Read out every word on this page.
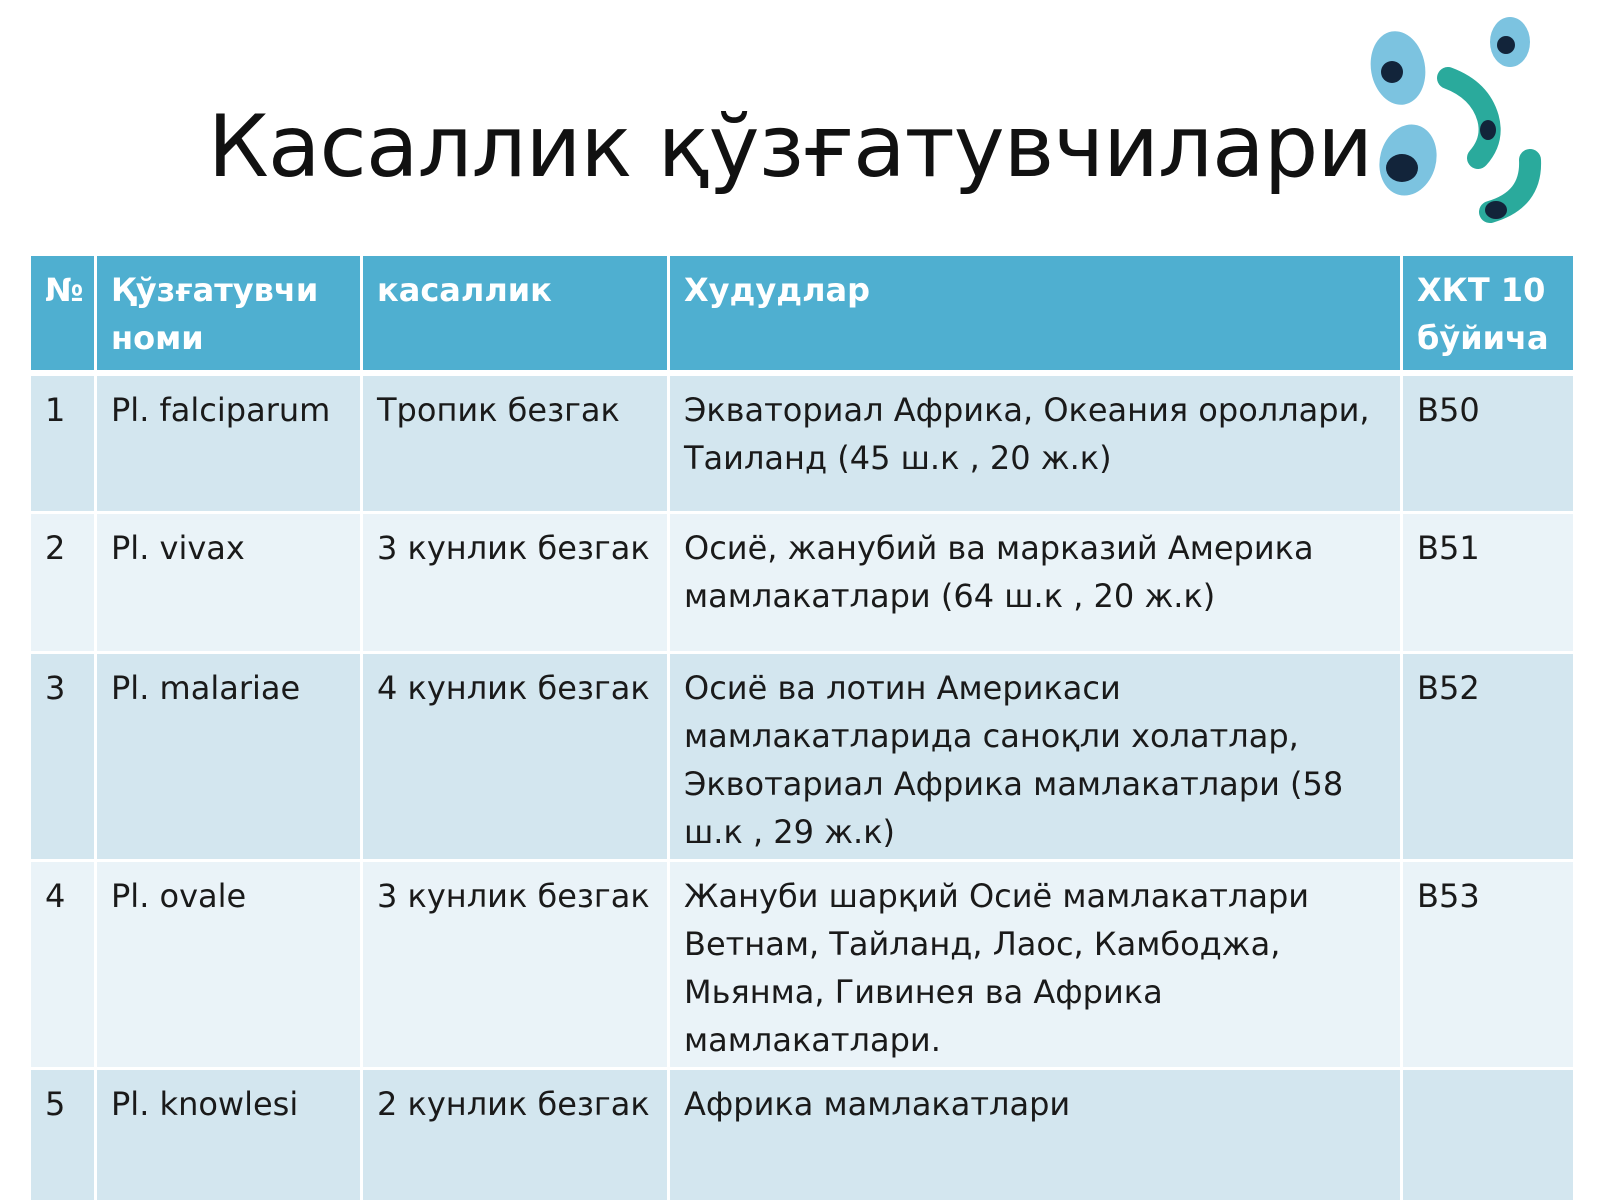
Касаллик қўзғатувчилари
№	Қўзғатувчи номи	касаллик	Худудлар	ХКТ 10 бўйича
1	Pl. falciparum	Тропик безгак	Экваториал Африка, Океания ороллари, Таиланд (45 ш.к , 20 ж.к)	B50
2	Pl. vivax	3 кунлик безгак	Осиё, жанубий ва марказий Америка мамлакатлари (64 ш.к , 20 ж.к)	B51
3	Pl. malariae	4 кунлик безгак	Осиё ва лотин Америкаси мамлакатларида саноқли холатлар, Эквотариал Африка мамлакатлари (58 ш.к , 29 ж.к)	B52
4	Pl. ovale	3 кунлик безгак	Жануби шарқий Осиё мамлакатлари Ветнам, Тайланд, Лаос, Камбоджа, Мьянма, Гивинея ва Африка мамлакатлари.	B53
5	Pl. knowlesi	2 кунлик безгак	Африка мамлакатлари	
